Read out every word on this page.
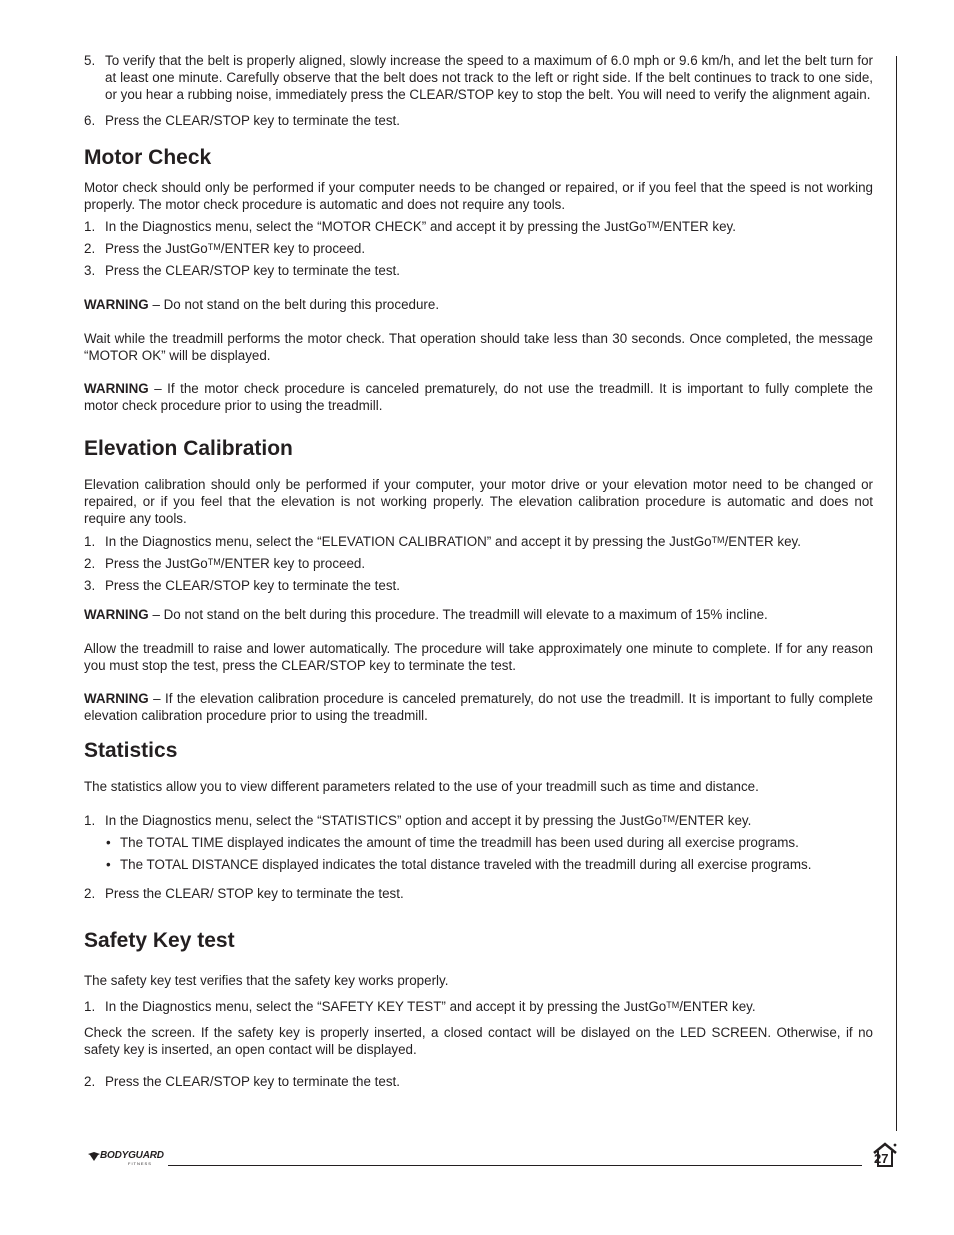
5. To verify that the belt is properly aligned, slowly increase the speed to a maximum of 6.0 mph or 9.6 km/h, and let the belt turn for at least one minute. Carefully observe that the belt does not track to the left or right side. If the belt continues to track to one side, or you hear a rubbing noise, immediately press the CLEAR/STOP key to stop the belt. You will need to verify the alignment again.
6. Press the CLEAR/STOP key to terminate the test.
Motor Check

Motor check should only be performed if your computer needs to be changed or repaired, or if you feel that the speed is not working properly. The motor check procedure is automatic and does not require any tools.

1. In the Diagnostics menu, select the “MOTOR CHECK” and accept it by pressing the JustGo™/ENTER key.
2. Press the JustGo™/ENTER key to proceed.
3. Press the CLEAR/STOP key to terminate the test.

WARNING – Do not stand on the belt during this procedure.

Wait while the treadmill performs the motor check. That operation should take less than 30 seconds. Once completed, the message “MOTOR OK” will be displayed.

WARNING – If the motor check procedure is canceled prematurely, do not use the treadmill. It is important to fully complete the motor check procedure prior to using the treadmill.

Elevation Calibration

Elevation calibration should only be performed if your computer, your motor drive or your elevation motor need to be changed or repaired, or if you feel that the elevation is not working properly. The elevation calibration procedure is automatic and does not require any tools.

1. In the Diagnostics menu, select the “ELEVATION CALIBRATION” and accept it by pressing the JustGo™/ENTER key.
2. Press the JustGo™/ENTER key to proceed.
3. Press the CLEAR/STOP key to terminate the test.

WARNING – Do not stand on the belt during this procedure. The treadmill will elevate to a maximum of 15% incline.

Allow the treadmill to raise and lower automatically. The procedure will take approximately one minute to complete. If for any reason you must stop the test, press the CLEAR/STOP key to terminate the test.

WARNING – If the elevation calibration procedure is canceled prematurely, do not use the treadmill. It is important to fully complete elevation calibration procedure prior to using the treadmill.

Statistics

The statistics allow you to view different parameters related to the use of your treadmill such as time and distance.

1. In the Diagnostics menu, select the “STATISTICS” option and accept it by pressing the JustGo™/ENTER key.
• The TOTAL TIME displayed indicates the amount of time the treadmill has been used during all exercise programs.
• The TOTAL DISTANCE displayed indicates the total distance traveled with the treadmill during all exercise programs.
2. Press the CLEAR/ STOP key to terminate the test.
Safety Key test

The safety key test verifies that the safety key works properly.

1. In the Diagnostics menu, select the “SAFETY KEY TEST” and accept it by pressing the JustGo™/ENTER key.

Check the screen. If the safety key is properly inserted, a closed contact will be dislayed on the LED SCREEN. Otherwise, if no safety key is inserted, an open contact will be displayed.

2. Press the CLEAR/STOP key to terminate the test.
BODYGUARD
FITNESS	27
